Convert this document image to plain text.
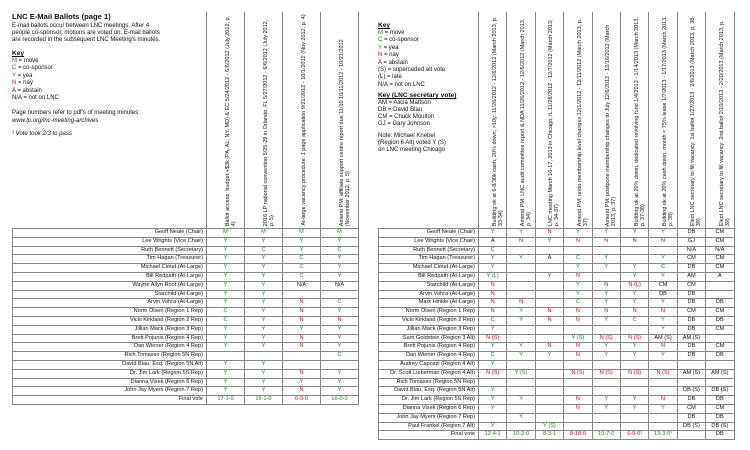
LNC E-Mail Ballots (page 1)
E-mail ballots occur between LNC meetings. After 4
people co-sponsor, motions are voted on. E-mail ballots
are recorded in the subsequent LNC Meeting's minutes.
Key
M = move
C = co-sponsor
Y = yea
N = nay
A = abstain
N/A = not on LNC
Page numbers refer to pdf's of meeting minutes:
www.lp.org/lnc-meeting-archives
¹ Vote took 2/3 to pass

	Ballot access: budget +$3k (PA, AL, NY, MD) & EC 5/24/2012 - 6/6/2012 (July 2012, p. 4)	2016 LP national convention 5/25-29 in Orlando, FL 5/27/2012 - 6/6/2012 (July 2012, p. 5)	At-large vacancy procedure: 1 page application 9/21/2012 - 10/1/2012 (Nov 2012, p. 4)	Amend PM: affiliate support centre report due 11/10 10/11/2012 - 10/21/2012 (November 2012, p. 5)

Geoff Neale (Chair)	M	M	M	M
Lee Wrights (Vice Chair)	Y	Y	Y	Y
Ruth Bennett (Secretary)	Y	C	Y	C
Tim Hagan (Treasurer)	Y	Y	C	Y
Michael Cloud (At-Large)	Y	Y	C	Y
Bill Redpath (At-Large)	Y	Y	C	Y
Wayne Allyn Root (At-Large)	Y	Y	N/A	N/A
Starchild (At-Large)	Y	Y		
Arvin Vohra (At-Large)	Y	Y	N	C
Norm Olsen (Region 1 Rep)	C	Y	N	Y
Vicki Kirkland (Region 2 Rep)	C	Y	N	N
Jillian Mack (Region 3 Rep)	Y	Y	Y	Y
Brett Pojunis (Region 4 Rep)	Y	Y	N	Y
Dan Wiener (Region 4 Rep)	Y	Y	N	Y
Rich Tomasso (Region 5N Rep)				C
David Blau, Esq. (Region 5N Alt)	Y	Y		
Dr. Jim Lark (Region 5S Rep)	Y	Y	N	Y
Dianna Visek (Region 6 Rep)	Y	Y	Y	Y
John Jay Myers (Region 7 Rep)	Y	Y	N	Y
Final vote	17-1-0	16-1-0	6-9-0	16-0-0
Key
M = move
C = co-sponsor
Y = yea
N = nay
A = abstain
(S) = superceded alt vote
(L) = late
N/A = not on LNC
Key (LNC secretary vote)
AM = Alicia Mattson
DB = David Blau
CM = Chuck Moulton
GJ = Gary Johnson
Note: Michael Knebel
(Region 6 Alt) voted Y (S)
on LNC meeting Chicago

	Building ok at 6-8/30k cash, 20% down, >10y: 11/26/2012 - 12/6/2012 (March 2013, p. 33-34)	Amend PM: LNC audit committee report & NDA 11/26/2012 - 12/6/2012 (March 2013, p. 34)	LNC meeting March 16-17, 2013 in Chicago, IL 11/28/2012 - 12/7/2012 (March 2013, p. 34-37)	Amend PM: undo membership level changes 12/1/2012 - 12/11/2012 (March 2013, p. 37)	Amend PM: postpone membership changes to July 12/6/2012 - 12/16/2012 (March 2013, p. 37)	Building ok at 20% down, dedicated revolving fund 1/4/2013 - 1/14/2013 (March 2013, p. 37-38)	Building ok at 20% cash down, month < 75% lease 1/7/2013 - 1/17/2013 (March 2013, p. 38)	Elect LNC secretary to fill vacancy: 1st ballot 1/27/2013 - 2/6/2013 (March 2013, p. 38-39)	Elect LNC secretary to fill vacancy: 2nd ballot 2/10/2013 - 2/20/2013 (March 2013, p. 39)

Geoff Neale (Chair)	Y	Y	N	Y	Y	Y	Y	DB	CM
Lee Wrights (Vice Chair)	A	N	Y	N	N	N	N	GJ	CM
Ruth Bennett (Secretary)	C							N/A	N/A
Tim Hagan (Treasurer)	Y	Y	A	C	Y		Y	CM	CM
Michael Cloud (At-Large)	Y			Y	Y	Y	C	DB	CM
Bill Redpath (At-Large)	Y (L)		Y	N		Y	Y	AM	A
Starchild (At-Large)	N			Y	N	N (L)	CM	CM	
Arvin Vohra (At-Large)	N			Y	Y	Y	DB	DB	
Mark Hinkle (At-Large)	N	N		C	Y	Y	Y	DB	DB
Norm Olsen (Region 1 Rep)	N	Y	N	N	N	N	N	CM	CM
Vicki Kirkland (Region 2 Rep)	C	Y	N	N	Y	C	Y	DB	DB
Jillian Mack (Region 3 Rep)	Y						Y	DB	CM
Sam Goldstein (Region 3 Alt)	N (S)			Y (S)	N (S)	N (S)	AM (S)	AM (S)	
Brett Pojunis (Region 4 Rep)	Y	Y	N	N	Y	Y	N	DB	CM
Dan Wiener (Region 4 Rep)	C	Y	Y	N	Y	Y	Y	DB	DB
Audrey Capozzi (Region 4 Alt)	Y								
Dr. Scott Lieberman (Region 4 Alt)	N (S)	Y (S)		N (S)	N (S)	N (S)	N (S)	AM (S)	AM (S)
Rich Tomasso (Region 5N Rep)									
David Blau, Esq. (Region 5N Alt)	Y							DB (S)	DB (S)
Dr. Jim Lark (Region 5S Rep)	Y	Y		N	Y	Y	N	DB	DB
Dianna Visek (Region 6 Rep)	Y			N	Y	Y	Y	CM	CM
John Jay Myers (Region 7 Rep)		Y						DB	DB
Paul Frankel (Region 7 Alt)	Y		Y (S)					DB (S)	DB (S)
Final vote	12-4-1	10-2-0	8-3-1	8-10-0	10-7-0	6-9-0¹	13-3-0¹		DB
